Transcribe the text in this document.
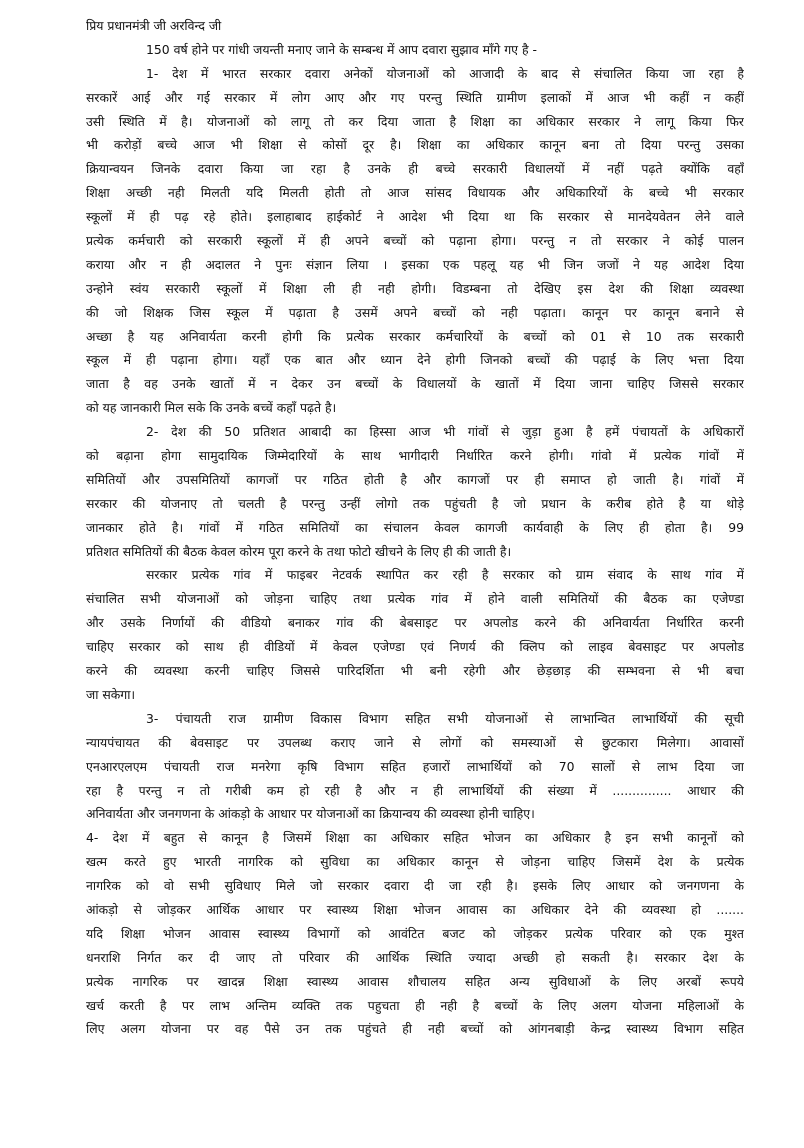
प्रिय प्रधानमंत्री जी अरविन्द जी
150 वर्ष होने पर गांधी जयन्ती मनाए जाने के सम्बन्ध में आप दवारा सुझाव माँगे गए है -
1- देश में भारत सरकार दवारा अनेकों योजनाओं को आजादी के बाद से संचालित किया जा रहा है
सरकारें आई और गई सरकार में लोग आए और गए परन्तु स्थिति ग्रामीण इलाकों में आज भी कहीं न कहीं
उसी स्थिति में है। योजनाओं को लागू तो कर दिया जाता है शिक्षा का अधिकार सरकार ने लागू किया फिर
भी करोड़ों बच्चे आज भी शिक्षा से कोसों दूर है। शिक्षा का अधिकार कानून बना तो दिया परन्तु उसका
क्रियान्वयन जिनके दवारा किया जा रहा है उनके ही बच्चे सरकारी विधालयों में नहीं पढ़ते क्योंकि वहाँ
शिक्षा अच्छी नही मिलती यदि मिलती होती तो आज सांसद विधायक और अधिकारियों के बच्चे भी सरकार
स्कूलों में ही पढ़ रहे होते। इलाहाबाद हाईकोर्ट ने आदेश भी दिया था कि सरकार से मानदेयवेतन लेने वाले
प्रत्येक कर्मचारी को सरकारी स्कूलों में ही अपने बच्चों को पढ़ाना होगा। परन्तु न तो सरकार ने कोई पालन
कराया और न ही अदालत ने पुनः संज्ञान लिया । इसका एक पहलू यह भी जिन जजों ने यह आदेश दिया
उन्होने स्वंय सरकारी स्कूलों में शिक्षा ली ही नही होगी। विडम्बना तो देखिए इस देश की शिक्षा व्यवस्था
की जो शिक्षक जिस स्कूल में पढ़ाता है उसमें अपने बच्चों को नही पढ़ाता। कानून पर कानून बनाने से
अच्छा है यह अनिवार्यता करनी होगी कि प्रत्येक सरकार कर्मचारियों के बच्चों को 01 से 10 तक सरकारी
स्कूल में ही पढ़ाना होगा। यहाँ एक बात और ध्यान देने होगी जिनको बच्चों की पढ़ाई के लिए भत्ता दिया
जाता है वह उनके खातों में न देकर उन बच्चों के विधालयों के खातों में दिया जाना चाहिए जिससे सरकार
को यह जानकारी मिल सके कि उनके बच्चें कहाँ पढ़ते है।
2- देश की 50 प्रतिशत आबादी का हिस्सा आज भी गांवों से जुड़ा हुआ है हमें पंचायतों के अधिकारों
को बढ़ाना होगा सामुदायिक जिम्मेदारियों के साथ भागीदारी निर्धारित करने होगी। गांवो में प्रत्येक गांवों में
समितियों और उपसमितियों कागजों पर गठित होती है और कागजों पर ही समाप्त हो जाती है। गांवों में
सरकार की योजनाए तो चलती है परन्तु उन्हीं लोगो तक पहुंचती है जो प्रधान के करीब होते है या थोड़े
जानकार होते है। गांवों में गठित समितियों का संचालन केवल कागजी कार्यवाही के लिए ही होता है। 99
प्रतिशत समितियों की बैठक केवल कोरम पूरा करने के तथा फोटो खीचने के लिए ही की जाती है।
सरकार प्रत्येक गांव में फाइबर नेटवर्क स्थापित कर रही है सरकार को ग्राम संवाद के साथ गांव में
संचालित सभी योजनाओं को जोड़ना चाहिए तथा प्रत्येक गांव में होने वाली समितियों की बैठक का एजेण्डा
और उसके निर्णायों की वीडियो बनाकर गांव की बेबसाइट पर अपलोड करने की अनिवार्यता निर्धारित करनी
चाहिए सरकार को साथ ही वीडियों में केवल एजेण्डा एवं निणर्य की क्लिप को लाइव बेवसाइट पर अपलोड
करने की व्यवस्था करनी चाहिए जिससे पारिदर्शिता भी बनी रहेगी और छेड़छाड़ की सम्भवना से भी बचा
जा सकेगा।
3- पंचायती राज ग्रामीण विकास विभाग सहित सभी योजनाओं से लाभान्वित लाभार्थियों की सूची
न्यायपंचायत की बेवसाइट पर उपलब्ध कराए जाने से लोगों को समस्याओं से छुटकारा मिलेगा। आवासों
एनआरएलएम पंचायती राज मनरेगा कृषि विभाग सहित हजारों लाभार्थियों को 70 सालों से लाभ दिया जा
रहा है परन्तु न तो गरीबी कम हो रही है और न ही लाभार्थियों की संख्या में ............... आधार की
अनिवार्यता और जनगणना के आंकड़ो के आधार पर योजनाओं का क्रियान्वय की व्यवस्था होनी चाहिए।
4- देश में बहुत से कानून है जिसमें शिक्षा का अधिकार सहित भोजन का अधिकार है इन सभी कानूनों को
खत्म करते हुए भारती नागरिक को सुविधा का अधिकार कानून से जोड़ना चाहिए जिसमें देश के प्रत्येक
नागरिक को वो सभी सुविधाए मिले जो सरकार दवारा दी जा रही है। इसके लिए आधार को जनगणना के
आंकड़ो से जोड़कर आर्थिक आधार पर स्वास्थ्य शिक्षा भोजन आवास का अधिकार देने की व्यवस्था हो .......
यदि शिक्षा भोजन आवास स्वास्थ्य विभागों को आवंटित बजट को जोड़कर प्रत्येक परिवार को एक मुश्त
धनराशि निर्गत कर दी जाए तो परिवार की आर्थिक स्थिति ज्यादा अच्छी हो सकती है। सरकार देश के
प्रत्येक नागरिक पर खादन्न शिक्षा स्वास्थ्य आवास शौचालय सहित अन्य सुविधाओं के लिए अरबों रूपये
खर्च करती है पर लाभ अन्तिम व्यक्ति तक पहुचता ही नही है बच्चों के लिए अलग योजना महिलाओं के
लिए अलग योजना पर वह पैसे उन तक पहुंचते ही नही बच्चों को आंगनबाड़ी केन्द्र स्वास्थ्य विभाग सहित
